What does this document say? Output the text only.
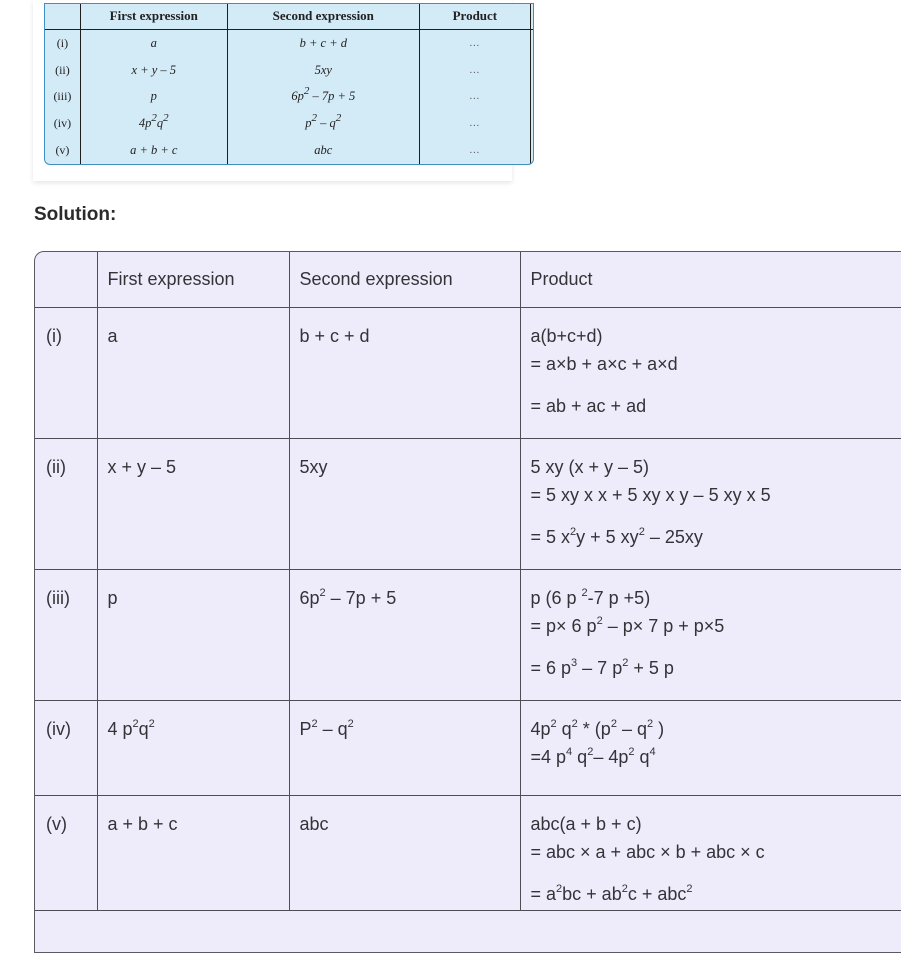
	First expression	Second expression	Product	
(i)	a	b + c + d	...	
(ii)	x + y – 5	5xy	...	
(iii)	p	$6p^2 - 7p + 5$	...	
(iv)	$4p^2q^2$	$p^2 - q^2$	...	
(v)	a + b + c	abc	...	
Solution:
	First expression	Second expression	Product
(i)	a	b + c + d	a(b+c+d)
= a×b + a×c + a×d
= ab + ac + ad

(ii)	x + y – 5	5xy	5 xy (x + y – 5)
= 5 xy x x + 5 xy x y – 5 xy x 5
= 5 $x^2y + 5$ $xy^2 - 25xy$

(iii)	p	$6p^2 - 7p + 5$	p (6 p $^2$-7 p +5)
= p× 6 $p^2 - p\times 7$ p + p×5
= 6 $p^3 - 7$ $p^2 + 5$ p

(iv)	4 $p^2q^2$	$P^2 - q^2$	$4p^2$ $q^2 * (p^2 - q^2$ )
=4 $p^4$ $q^2-$ $4p^2$ $q^4$

(v)	a + b + c	abc	abc(a + b + c)
= abc × a + abc × b + abc × c
= $a^2bc + ab^2c + abc^2$
